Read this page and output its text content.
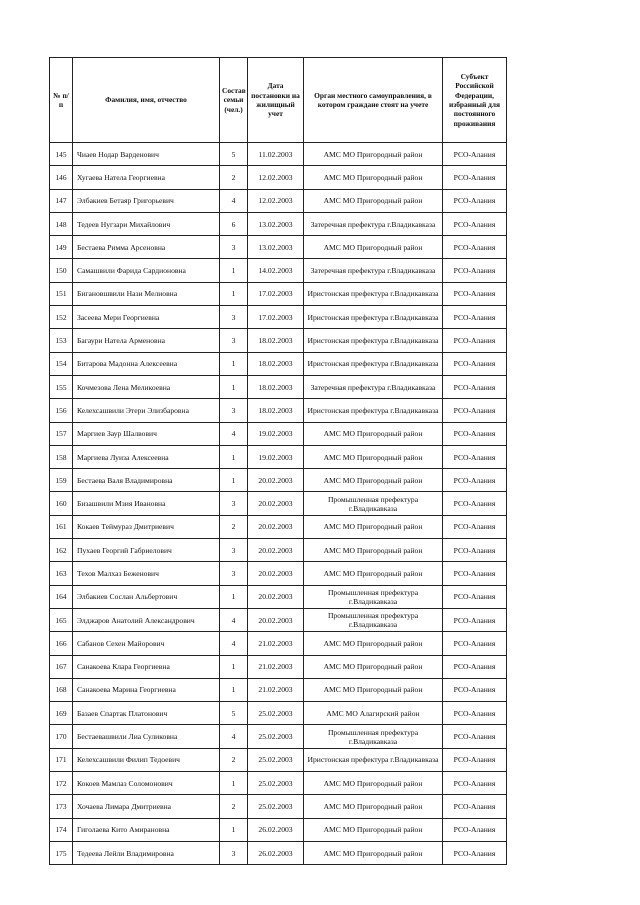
№ п/п	Фамилия, имя, отчество	Состав семьи (чел.)	Дата постановки на жилищный учет	Орган местного самоуправления, в котором граждане стоят на учете	Субъект Российской Федерации, избранный для постоянного проживания
145	Чиаев Нодар Варденович	5	11.02.2003	АМС МО Пригородный район	РСО-Алания
146	Хугаева Натела Георгиевна	2	12.02.2003	АМС МО Пригородный район	РСО-Алания
147	Элбакиев Бетаяр Григорьевич	4	12.02.2003	АМС МО Пригородный район	РСО-Алания
148	Тедеев Нугзари Михайлович	6	13.02.2003	Затеречная префектура г.Владикавказа	РСО-Алания
149	Бестаева Римма Арсеновна	3	13.02.2003	АМС МО Пригородный район	РСО-Алания
150	Самашвили Фарида Сардионовна	1	14.02.2003	Затеречная префектура г.Владикавказа	РСО-Алания
151	Бигановшвили Нази Мелиовна	1	17.02.2003	Иристонская префектура г.Владикавказа	РСО-Алания
152	Засеева Мери Георгиевна	3	17.02.2003	Иристонская префектура г.Владикавказа	РСО-Алания
153	Багаури Натела Арменовна	3	18.02.2003	Иристонская префектура г.Владикавказа	РСО-Алания
154	Битарова Мадонна Алексеевна	1	18.02.2003	Иристонская префектура г.Владикавказа	РСО-Алания
155	Кочмезова Лена Меликоевна	1	18.02.2003	Затеречная префектура г.Владикавказа	РСО-Алания
156	Келехсашвили Этери Элизбаровна	3	18.02.2003	Иристонская префектура г.Владикавказа	РСО-Алания
157	Маргиев Заур Шалвович	4	19.02.2003	АМС МО Пригородный район	РСО-Алания
158	Маргиева Луиза Алексеевна	1	19.02.2003	АМС МО Пригородный район	РСО-Алания
159	Бестаева Валя Владимировна	1	20.02.2003	АМС МО Пригородный район	РСО-Алания
160	Бизашвили Мзия Ивановна	3	20.02.2003	Промышленная префектура г.Владикавказа	РСО-Алания
161	Кокаев Теймураз Дмитриевич	2	20.02.2003	АМС МО Пригородный район	РСО-Алания
162	Пухаев Георгий Габриелович	3	20.02.2003	АМС МО Пригородный район	РСО-Алания
163	Техов Малхаз Беженович	3	20.02.2003	АМС МО Пригородный район	РСО-Алания
164	Элбакиев Сослан Альбертович	1	20.02.2003	Промышленная префектура г.Владикавказа	РСО-Алания
165	Элджаров Анатолий Александрович	4	20.02.2003	Промышленная префектура г.Владикавказа	РСО-Алания
166	Сабанов Сехен Майорович	4	21.02.2003	АМС МО Пригородный район	РСО-Алания
167	Санакоева Клара Георгиевна	1	21.02.2003	АМС МО Пригородный район	РСО-Алания
168	Санакоева Марина Георгиевна	1	21.02.2003	АМС МО Пригородный район	РСО-Алания
169	Базаев Спартак Платонович	5	25.02.2003	АМС МО Алагирский район	РСО-Алания
170	Бестаевашвили Лиа Суликовна	4	25.02.2003	Промышленная префектура г.Владикавказа	РСО-Алания
171	Келехсашвили Филип Тедоевич	2	25.02.2003	Иристонская префектура г.Владикавказа	РСО-Алания
172	Кокоев Мамлаз Соломонович	1	25.02.2003	АМС МО Пригородный район	РСО-Алания
173	Хочаева Лимара Дмитриевна	2	25.02.2003	АМС МО Пригородный район	РСО-Алания
174	Гиголаева Кито Амирановна	1	26.02.2003	АМС МО Пригородный район	РСО-Алания
175	Тедеева Лейли Владимировна	3	26.02.2003	АМС МО Пригородный район	РСО-Алания
